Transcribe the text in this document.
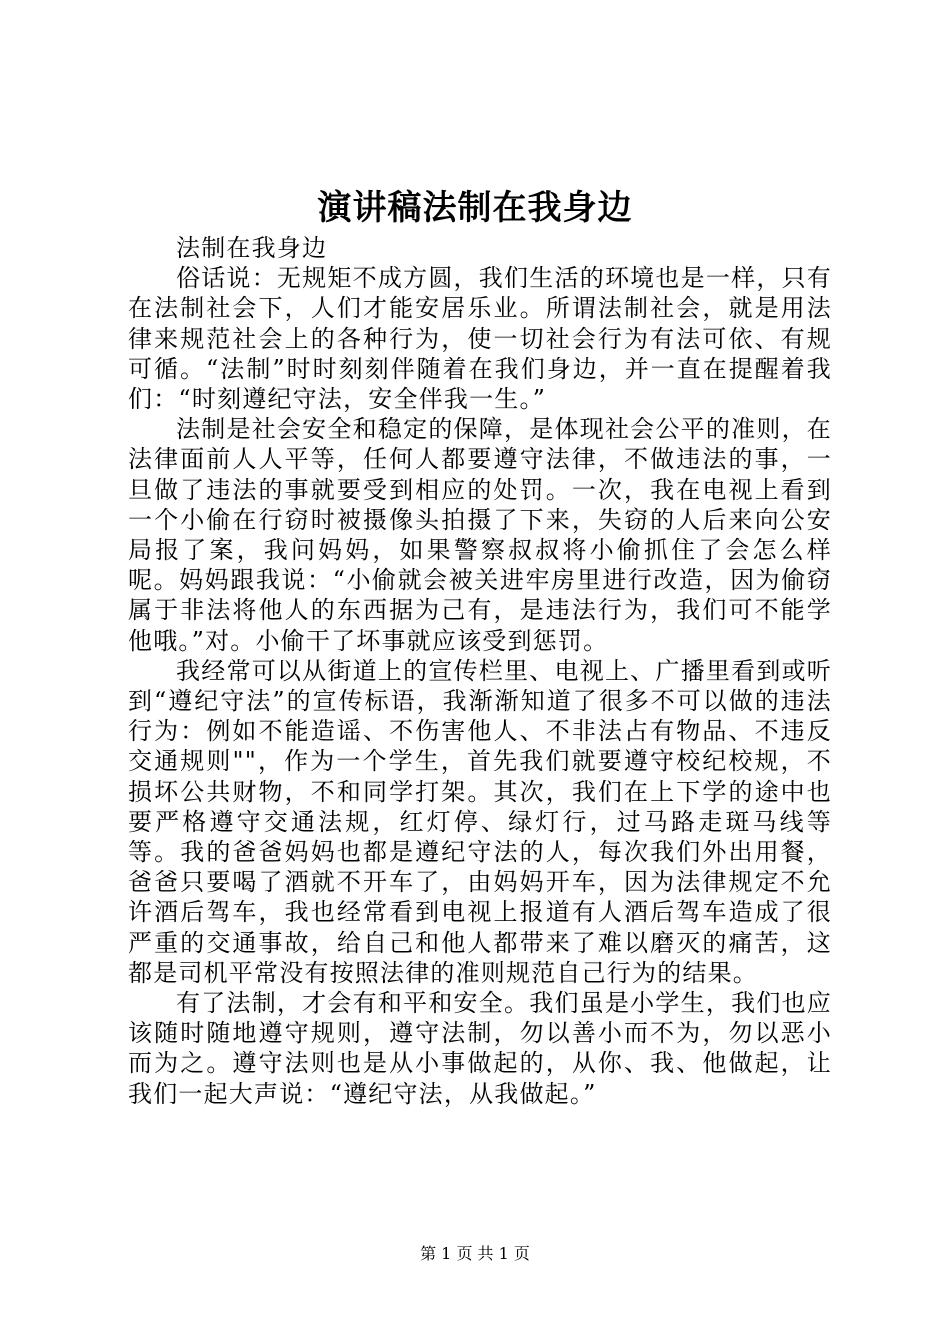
演讲稿法制在我身边

法制在我身边

俗话说：无规矩不成方圆，我们生活的环境也是一样，只有在法制社会下，人们才能安居乐业。所谓法制社会，就是用法律来规范社会上的各种行为，使一切社会行为有法可依、有规可循。“法制”时时刻刻伴随着在我们身边，并一直在提醒着我们：“时刻遵纪守法，安全伴我一生。”

法制是社会安全和稳定的保障，是体现社会公平的准则，在法律面前人人平等，任何人都要遵守法律，不做违法的事，一旦做了违法的事就要受到相应的处罚。一次，我在电视上看到一个小偷在行窃时被摄像头拍摄了下来，失窃的人后来向公安局报了案，我问妈妈，如果警察叔叔将小偷抓住了会怎么样呢。妈妈跟我说：“小偷就会被关进牢房里进行改造，因为偷窃属于非法将他人的东西据为己有，是违法行为，我们可不能学他哦。”对。小偷干了坏事就应该受到惩罚。

我经常可以从街道上的宣传栏里、电视上、广播里看到或听到“遵纪守法”的宣传标语，我渐渐知道了很多不可以做的违法行为：例如不能造谣、不伤害他人、不非法占有物品、不违反交通规则""，作为一个学生，首先我们就要遵守校纪校规，不损坏公共财物，不和同学打架。其次，我们在上下学的途中也要严格遵守交通法规，红灯停、绿灯行，过马路走斑马线等等。我的爸爸妈妈也都是遵纪守法的人，每次我们外出用餐，爸爸只要喝了酒就不开车了，由妈妈开车，因为法律规定不允许酒后驾车，我也经常看到电视上报道有人酒后驾车造成了很严重的交通事故，给自己和他人都带来了难以磨灭的痛苦，这都是司机平常没有按照法律的准则规范自己行为的结果。

有了法制，才会有和平和安全。我们虽是小学生，我们也应该随时随地遵守规则，遵守法制，勿以善小而不为，勿以恶小而为之。遵守法则也是从小事做起的，从你、我、他做起，让我们一起大声说：“遵纪守法，从我做起。”

第 1 页 共 1 页
